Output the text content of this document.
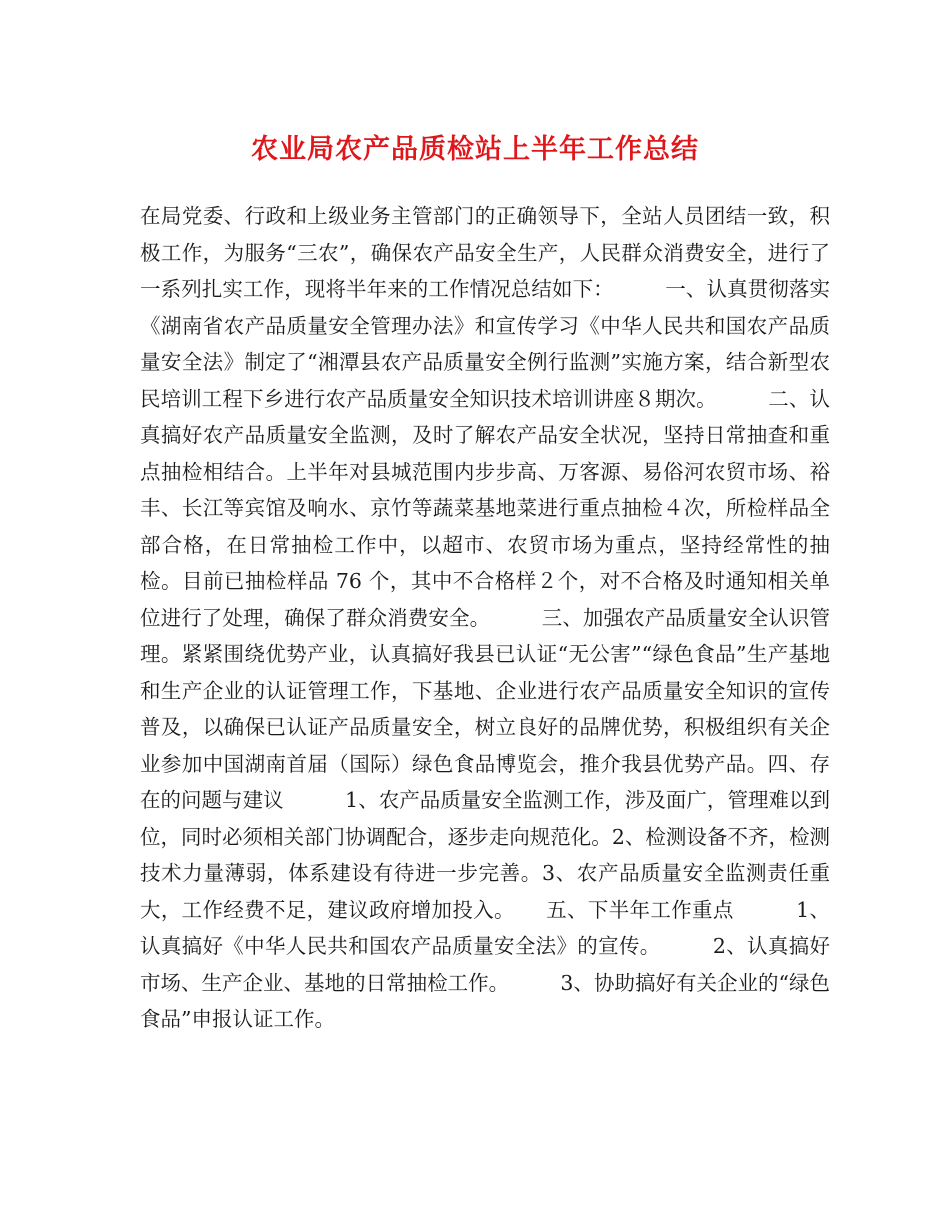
农业局农产品质检站上半年工作总结

在局党委、行政和上级业务主管部门的正确领导下，全站人员团结一致，积极工作，为服务“三农”，确保农产品安全生产，人民群众消费安全，进行了一系列扎实工作，现将半年来的工作情况总结如下：　　　一、认真贯彻落实《湖南省农产品质量安全管理办法》和宣传学习《中华人民共和国农产品质量安全法》制定了“湘潭县农产品质量安全例行监测”实施方案，结合新型农民培训工程下乡进行农产品质量安全知识技术培训讲座８期次。　　　二、认真搞好农产品质量安全监测，及时了解农产品安全状况，坚持日常抽查和重点抽检相结合。上半年对县城范围内步步高、万客源、易俗河农贸市场、裕丰、长江等宾馆及响水、京竹等蔬菜基地菜进行重点抽检４次，所检样品全部合格，在日常抽检工作中，以超市、农贸市场为重点，坚持经常性的抽检。目前已抽检样品 76 个，其中不合格样２个，对不合格及时通知相关单位进行了处理，确保了群众消费安全。　　　三、加强农产品质量安全认识管理。紧紧围绕优势产业，认真搞好我县已认证“无公害”“绿色食品”生产基地和生产企业的认证管理工作，下基地、企业进行农产品质量安全知识的宣传普及，以确保已认证产品质量安全，树立良好的品牌优势，积极组织有关企业参加中国湖南首届（国际）绿色食品博览会，推介我县优势产品。四、存在的问题与建议　　　1、农产品质量安全监测工作，涉及面广，管理难以到位，同时必须相关部门协调配合，逐步走向规范化。2、检测设备不齐，检测技术力量薄弱，体系建设有待进一步完善。3、农产品质量安全监测责任重大，工作经费不足，建议政府增加投入。　　五、下半年工作重点　　　1、认真搞好《中华人民共和国农产品质量安全法》的宣传。　　　2、认真搞好市场、生产企业、基地的日常抽检工作。　　　3、协助搞好有关企业的“绿色食品”申报认证工作。
